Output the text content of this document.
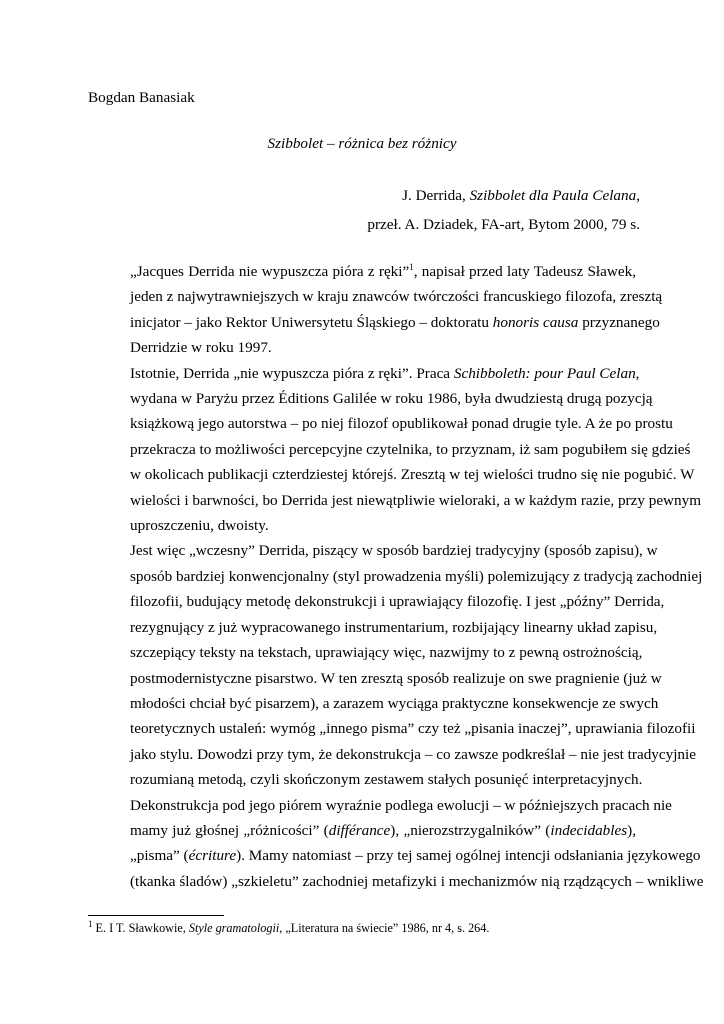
Bogdan Banasiak
Szibbolet – różnica bez różnicy
J. Derrida, Szibbolet dla Paula Celana,
przeł. A. Dziadek, FA-art, Bytom 2000, 79 s.

„Jacques Derrida nie wypuszcza pióra z ręki”$^1$, napisał przed laty Tadeusz Sławek,
jeden z najwytrawniejszych w kraju znawców twórczości francuskiego filozofa, zresztą
inicjator – jako Rektor Uniwersytetu Śląskiego – doktoratu honoris causa przyznanego
Derridzie w roku 1997.

Istotnie, Derrida „nie wypuszcza pióra z ręki”. Praca Schibboleth: pour Paul Celan,
wydana w Paryżu przez Éditions Galilée w roku 1986, była dwudziestą drugą pozycją
książkową jego autorstwa – po niej filozof opublikował ponad drugie tyle. A że po prostu
przekracza to możliwości percepcyjne czytelnika, to przyznam, iż sam pogubiłem się gdzieś
w okolicach publikacji czterdziestej którejś. Zresztą w tej wielości trudno się nie pogubić. W
wielości i barwności, bo Derrida jest niewątpliwie wieloraki, a w każdym razie, przy pewnym
uproszczeniu, dwoisty.

Jest więc „wczesny” Derrida, piszący w sposób bardziej tradycyjny (sposób zapisu), w
sposób bardziej konwencjonalny (styl prowadzenia myśli) polemizujący z tradycją zachodniej
filozofii, budujący metodę dekonstrukcji i uprawiający filozofię. I jest „późny” Derrida,
rezygnujący z już wypracowanego instrumentarium, rozbijający linearny układ zapisu,
szczepiący teksty na tekstach, uprawiający więc, nazwijmy to z pewną ostrożnością,
postmodernistyczne pisarstwo. W ten zresztą sposób realizuje on swe pragnienie (już w
młodości chciał być pisarzem), a zarazem wyciąga praktyczne konsekwencje ze swych
teoretycznych ustaleń: wymóg „innego pisma” czy też „pisania inaczej”, uprawiania filozofii
jako stylu. Dowodzi przy tym, że dekonstrukcja – co zawsze podkreślał – nie jest tradycyjnie
rozumianą metodą, czyli skończonym zestawem stałych posunięć interpretacyjnych.
Dekonstrukcja pod jego piórem wyraźnie podlega ewolucji – w późniejszych pracach nie
mamy już głośnej „różnicości” (différance), „nierozstrzygalników” (indecidables),
„pisma” (écriture). Mamy natomiast – przy tej samej ogólnej intencji odsłaniania językowego
(tkanka śladów) „szkieletu” zachodniej metafizyki i mechanizmów nią rządzących – wnikliwe

$^1$ E. I T. Sławkowie, Style gramatologii, „Literatura na świecie” 1986, nr 4, s. 264.
